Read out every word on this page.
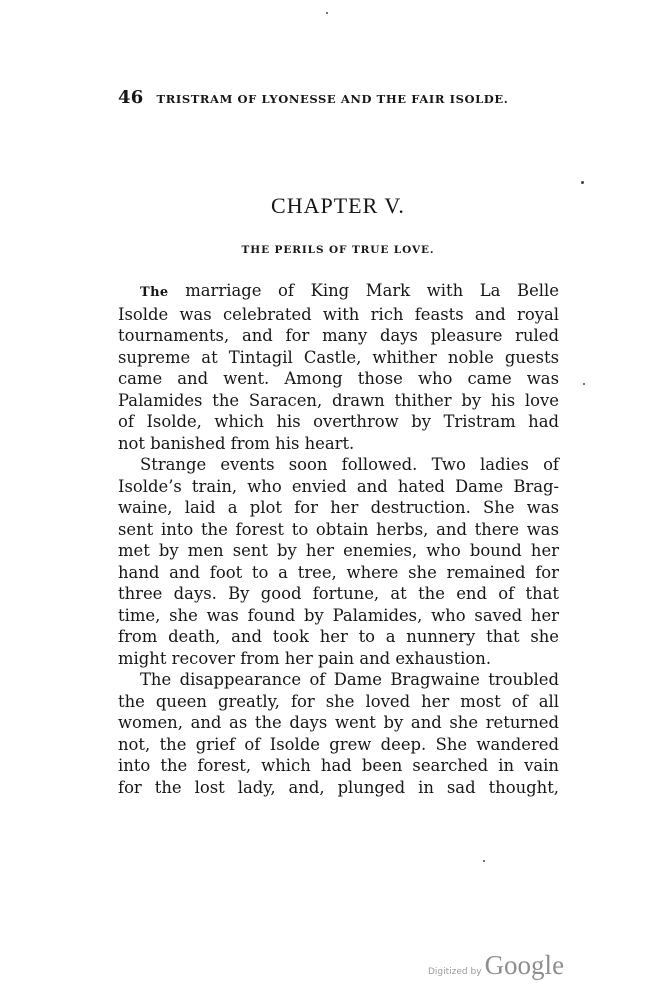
46 TRISTRAM OF LYONESSE AND THE FAIR ISOLDE.
CHAPTER V.
THE PERILS OF TRUE LOVE.
The marriage of King Mark with La Belle
Isolde was celebrated with rich feasts and royal
tournaments, and for many days pleasure ruled
supreme at Tintagil Castle, whither noble guests
came and went. Among those who came was
Palamides the Saracen, drawn thither by his love
of Isolde, which his overthrow by Tristram had
not banished from his heart.
Strange events soon followed. Two ladies of
Isolde’s train, who envied and hated Dame Brag-
waine, laid a plot for her destruction. She was
sent into the forest to obtain herbs, and there was
met by men sent by her enemies, who bound her
hand and foot to a tree, where she remained for
three days. By good fortune, at the end of that
time, she was found by Palamides, who saved her
from death, and took her to a nunnery that she
might recover from her pain and exhaustion.
The disappearance of Dame Bragwaine troubled
the queen greatly, for she loved her most of all
women, and as the days went by and she returned
not, the grief of Isolde grew deep. She wandered
into the forest, which had been searched in vain
for the lost lady, and, plunged in sad thought,
Digitized by Google
